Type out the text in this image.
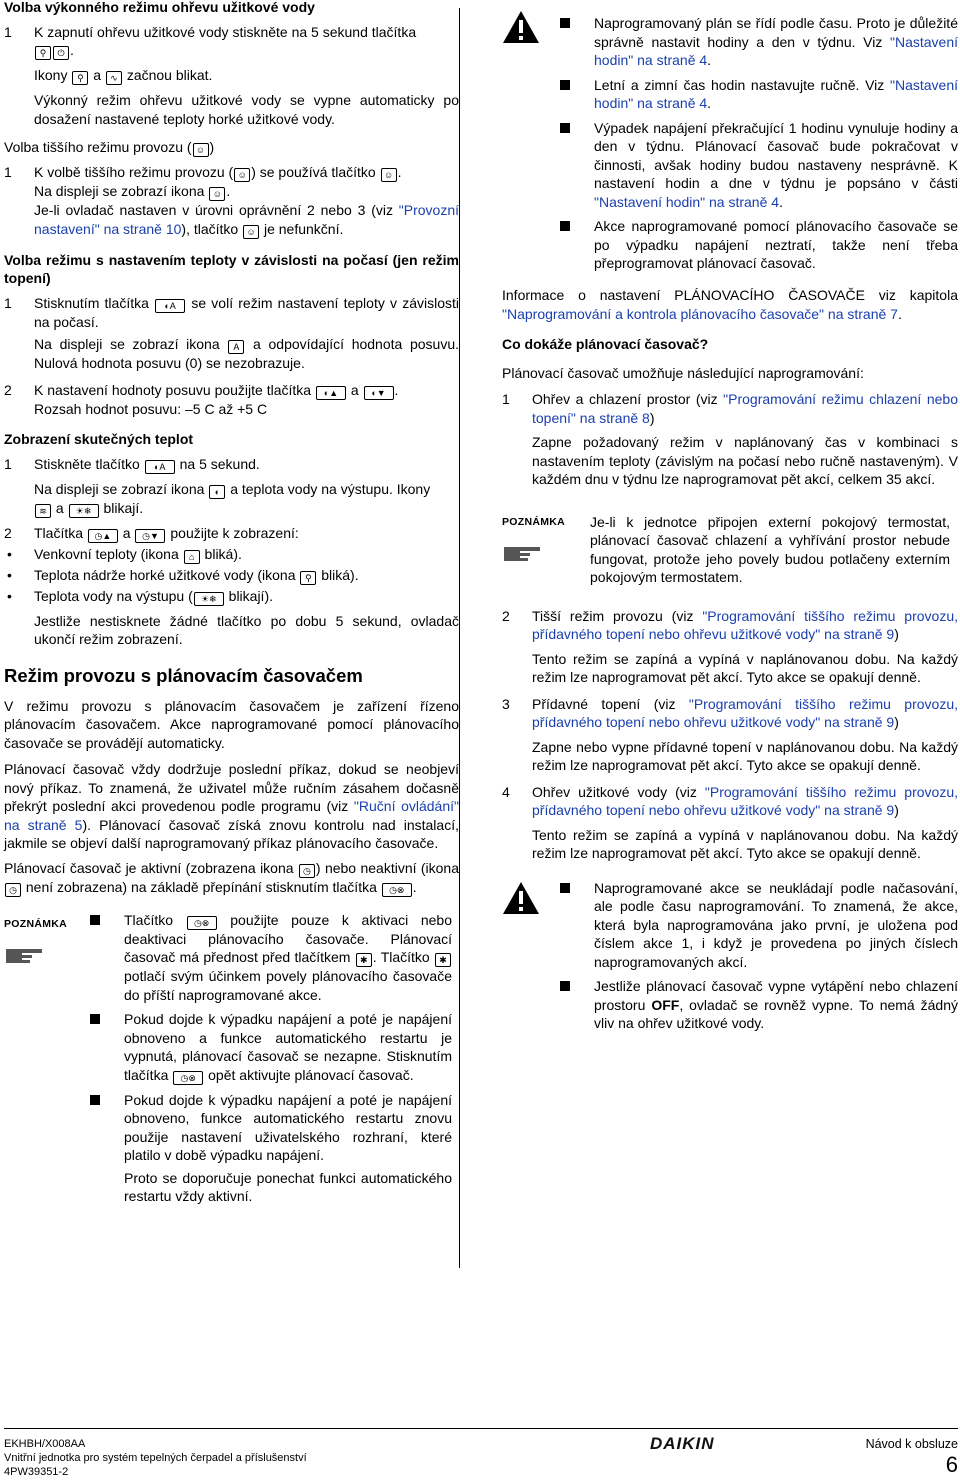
Volba výkonného režimu ohřevu užitkové vody
1 K zapnutí ohřevu užitkové vody stiskněte na 5 sekund tlačítka
⚲ ⏻ .
Ikony ⚲ a ∿ začnou blikat.

Výkonný režim ohřevu užitkové vody se vypne automaticky po dosažení nastavené teploty horké užitkové vody.

Volba tiššího režimu provozu ( ☺ )
1 K volbě tiššího režimu provozu ( ☺ ) se používá tlačítko ☺ .
Na displeji se zobrazí ikona ☺ .

Je-li ovladač nastaven v úrovni oprávnění 2 nebo 3 (viz "Provozní nastavení" na straně 10), tlačítko ☺ je nefunkční.

Volba režimu s nastavením teploty v závislosti na počasí (jen režim topení)

1 Stisknutím tlačítka ◐A se volí režim nastavení teploty v závislosti na počasí.

Na displeji se zobrazí ikona A a odpovídající hodnota posuvu. Nulová hodnota posuvu (0) se nezobrazuje.

2 K nastavení hodnoty posuvu použijte tlačítka ◐▲ a ◐▼ .
Rozsah hodnot posuvu: –5 C až +5 C
Zobrazení skutečných teplot
1 Stiskněte tlačítko ◐A na 5 sekund.

Na displeji se zobrazí ikona ◐ a teplota vody na výstupu. Ikony
≋ a ☀❄ blikají.

2 Tlačítka ◷▲ a ◷▼ použijte k zobrazení:
• Venkovní teploty (ikona ⌂ bliká).
• Teplota nádrže horké užitkové vody (ikona ⚲ bliká).
• Teplota vody na výstupu ( ☀❄ blikají).

Jestliže nestisknete žádné tlačítko po dobu 5 sekund, ovladač ukončí režim zobrazení.

Režim provozu s plánovacím časovačem

V režimu provozu s plánovacím časovačem je zařízení řízeno plánovacím časovačem. Akce naprogramované pomocí plánovacího časovače se provádějí automaticky.

Plánovací časovač vždy dodržuje poslední příkaz, dokud se neobjeví nový příkaz. To znamená, že uživatel může ručním zásahem dočasně překrýt poslední akci provedenou podle programu (viz "Ruční ovládání" na straně 5). Plánovací časovač získá znovu kontrolu nad instalací, jakmile se objeví další naprogramovaný příkaz plánovacího časovače.

Plánovací časovač je aktivní (zobrazena ikona ◷ ) nebo neaktivní (ikona ◷ není zobrazena) na základě přepínání stisknutím tlačítka ◷⊗ .

POZNÁMKA	Tlačítko ◷⊗ použijte pouze k aktivaci nebo deaktivaci plánovacího časovače. Plánovací časovač má přednost před tlačítkem ✱ . Tlačítko ✱ potlačí svým účinkem povely plánovacího časovače do příští naprogramované akce.
Pokud dojde k výpadku napájení a poté je napájení obnoveno a funkce automatického restartu je vypnutá, plánovací časovač se nezapne. Stisknutím tlačítka ◷⊗ opět aktivujte plánovací časovač.
Pokud dojde k výpadku napájení a poté je napájení obnoveno, funkce automatického restartu znovu použije nastavení uživatelského rozhraní, které platilo v době výpadku napájení.

Proto se doporučuje ponechat funkci automatického restartu vždy aktivní.

Naprogramovaný plán se řídí podle času. Proto je důležité správně nastavit hodiny a den v týdnu. Viz "Nastavení hodin" na straně 4.
Letní a zimní čas hodin nastavujte ručně. Viz "Nastavení hodin" na straně 4.
Výpadek napájení překračující 1 hodinu vynuluje hodiny a den v týdnu. Plánovací časovač bude pokračovat v činnosti, avšak hodiny budou nastaveny nesprávně. K nastavení hodin a dne v týdnu je popsáno v části "Nastavení hodin" na straně 4.
Akce naprogramované pomocí plánovacího časovače se po výpadku napájení neztratí, takže není třeba přeprogramovat plánovací časovač.

Informace o nastavení PLÁNOVACÍHO ČASOVAČE viz kapitola "Naprogramování a kontrola plánovacího časovače" na straně 7.

Co dokáže plánovací časovač?

Plánovací časovač umožňuje následující naprogramování:

1 Ohřev a chlazení prostor (viz "Programování režimu chlazení nebo topení" na straně 8)

Zapne požadovaný režim v naplánovaný čas v kombinaci s nastavením teploty (závislým na počasí nebo ručně nastaveným). V každém dnu v týdnu lze naprogramovat pět akcí, celkem 35 akcí.

POZNÁMKA	Je-li k jednotce připojen externí pokojový termostat, plánovací časovač chlazení a vyhřívání prostor nebude fungovat, protože jeho povely budou potlačeny externím pokojovým termostatem.

2 Tišší režim provozu (viz "Programování tiššího režimu provozu, přídavného topení nebo ohřevu užitkové vody" na straně 9)

Tento režim se zapíná a vypíná v naplánovanou dobu. Na každý režim lze naprogramovat pět akcí. Tyto akce se opakují denně.

3 Přídavné topení (viz "Programování tiššího režimu provozu, přídavného topení nebo ohřevu užitkové vody" na straně 9)

Zapne nebo vypne přídavné topení v naplánovanou dobu. Na každý režim lze naprogramovat pět akcí. Tyto akce se opakují denně.

4 Ohřev užitkové vody (viz "Programování tiššího režimu provozu, přídavného topení nebo ohřevu užitkové vody" na straně 9)

Tento režim se zapíná a vypíná v naplánovanou dobu. Na každý režim lze naprogramovat pět akcí. Tyto akce se opakují denně.

Naprogramované akce se neukládají podle načasování, ale podle času naprogramování. To znamená, že akce, která byla naprogramována jako první, je uložena pod číslem akce 1, i když je provedena po jiných číslech naprogramovaných akcí.
Jestliže plánovací časovač vypne vytápění nebo chlazení prostoru OFF, ovladač se rovněž vypne. To nemá žádný vliv na ohřev užitkové vody.
EKHBH/X008AA
Vnitřní jednotka pro systém tepelných čerpadel a příslušenství
4PW39351-2
DAIKIN	Návod k obsluze
6
